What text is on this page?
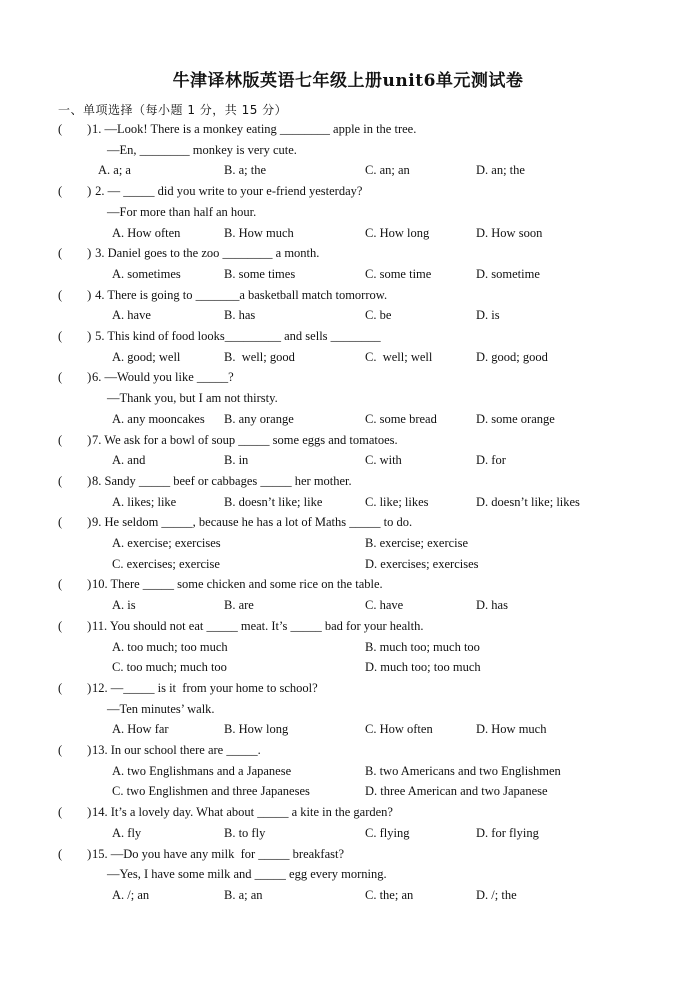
牛津译林版英语七年级上册unit6单元测试卷
一、单项选择（每小题 1 分，共 15 分）
(        ) 1. —Look! There is a monkey eating ________ apple in the tree.
—En, ________ monkey is very cute.
A. a; a	B. a; the	C. an; an	D. an; the
(        ) 2. — _____ did you write to your e-friend yesterday?
—For more than half an hour.
A. How often	B. How much	C. How long	D. How soon
(        ) 3. Daniel goes to the zoo ________ a month.
A. sometimes	B. some times	C. some time	D. sometime
(        ) 4. There is going to _______a basketball match tomorrow.
A. have	B. has	C. be	D. is
(        ) 5. This kind of food looks_________ and sells ________
A. good; well	B.  well; good	C.  well; well	D. good; good
(        ) 6. —Would you like _____?
—Thank you, but I am not thirsty.
A. any mooncakes B. any orange	C. some bread	D. some orange
(        ) 7. We ask for a bowl of soup _____ some eggs and tomatoes.
A. and	B. in	C. with	D. for
(        ) 8. Sandy _____ beef or cabbages _____ her mother.
A. likes; like	B. doesn’t like; like	C. like; likes	D. doesn’t like; likes
(        ) 9. He seldom _____, because he has a lot of Maths _____ to do.
A. exercise; exercises	B. exercise; exercise
C. exercises; exercise	D. exercises; exercises
(        ) 10. There _____ some chicken and some rice on the table.
A. is	B. are	C. have	D. has
(        ) 11. You should not eat _____ meat. It’s _____ bad for your health.
A. too much; too much	B. much too; much too
C. too much; much too	D. much too; too much
(        ) 12. —_____ is it  from your home to school?
—Ten minutes’ walk.
A. How far	B. How long	C. How often	D. How much
(        ) 13. In our school there are _____.
A. two Englishmans and a Japanese	B. two Americans and two Englishmen
C. two Englishmen and three Japaneses	D. three American and two Japanese
(        ) 14. It’s a lovely day. What about _____ a kite in the garden?
A. fly	B. to fly	C. flying	D. for flying
(        ) 15. —Do you have any milk  for _____ breakfast?
—Yes, I have some milk and _____ egg every morning.
A. /; an	B. a; an	C. the; an	D. /; the
